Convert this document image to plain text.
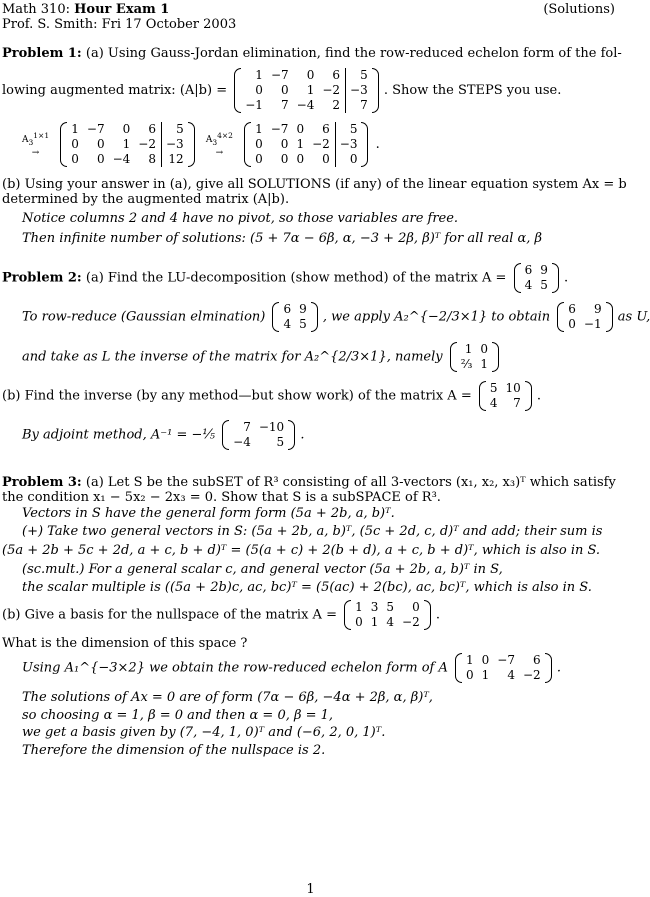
Math 310: Hour Exam 1	(Solutions)
Prof. S. Smith: Fri 17 October 2003
Problem 1: (a) Using Gauss-Jordan elimination, find the row-reduced echelon form of the fol-
lowing augmented matrix: (A|b) =
1	−7	0	6	5
0	0	1	−2	−3
−1	7	−4	2	7
. Show the STEPS you use.
$A_3^{1\times 1}$
→
1	−7	0	6	5
0	0	1	−2	−3
0	0	−4	8	12
$A_3^{4\times 2}$
→
1	−7	0	6	5
0	0	1	−2	−3
0	0	0	0	0
.
(b) Using your answer in (a), give all SOLUTIONS (if any) of the linear equation system Ax = b
determined by the augmented matrix (A|b).
Notice columns 2 and 4 have no pivot, so those variables are free.
Then infinite number of solutions: (5 + 7α − 6β, α, −3 + 2β, β)ᵀ for all real α, β
Problem 2: (a) Find the LU-decomposition (show method) of the matrix A =
6	9
4	5 .
To row-reduce (Gaussian elmination)
6	9
4	5 , we apply A₂^{−2/3×1} to obtain
6	9
0	−1 as U,
and take as L the inverse of the matrix for A₂^{2/3×1}, namely
1	0
⅔	1
(b) Find the inverse (by any method—but show work) of the matrix A =
5	10
4	7 .
By adjoint method, A⁻¹ = −⅕
7	−10
−4	5 .
Problem 3: (a) Let S be the subSET of R³ consisting of all 3-vectors (x₁, x₂, x₃)ᵀ which satisfy
the condition x₁ − 5x₂ − 2x₃ = 0. Show that S is a subSPACE of R³.
Vectors in S have the general form form (5a + 2b, a, b)ᵀ.
(+) Take two general vectors in S: (5a + 2b, a, b)ᵀ, (5c + 2d, c, d)ᵀ and add; their sum is
(5a + 2b + 5c + 2d, a + c, b + d)ᵀ = (5(a + c) + 2(b + d), a + c, b + d)ᵀ, which is also in S.
(sc.mult.) For a general scalar c, and general vector (5a + 2b, a, b)ᵀ in S,
the scalar multiple is ((5a + 2b)c, ac, bc)ᵀ = (5(ac) + 2(bc), ac, bc)ᵀ, which is also in S.
(b) Give a basis for the nullspace of the matrix A =
1	3	5	0
0	1	4	−2 .
What is the dimension of this space ?
Using A₁^{−3×2} we obtain the row-reduced echelon form of A
1	0	−7	6
0	1	4	−2 .
The solutions of Ax = 0 are of form (7α − 6β, −4α + 2β, α, β)ᵀ,
so choosing α = 1, β = 0 and then α = 0, β = 1,
we get a basis given by (7, −4, 1, 0)ᵀ and (−6, 2, 0, 1)ᵀ.
Therefore the dimension of the nullspace is 2.
1
